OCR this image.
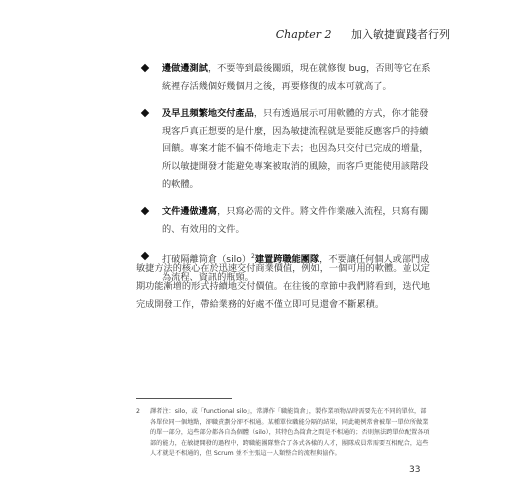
Chapter 2 加入敏捷實踐者行列
邊做邊測試，不要等到最後關頭，現在就修復 bug，否則等它在系統裡存活幾個好幾個月之後，再要修復的成本可就高了。
及早且頻繁地交付產品，只有透過展示可用軟體的方式，你才能發現客戶真正想要的是什麼，因為敏捷流程就是要能反應客戶的持續回饋。專案才能不偏不倚地走下去；也因為只交付已完成的增量，所以敏捷開發才能避免專案被取消的風險，而客戶更能使用該階段的軟體。
文件邊做邊寫，只寫必需的文件。將文件作業融入流程，只寫有關的、有效用的文件。
打破隔離筒倉（silo）$^2$建置跨職能團隊，不要讓任何個人或部門成為流程、資訊的瓶頸。
敏捷方法的核心在於迅速交付商業價值，例如，一個可用的軟體。並以定期功能漸增的形式持續地交付價值。在往後的章節中我們將看到，迭代地完成開發工作，帶給業務的好處不僅立即可見還會不斷累積。
2	譯者注：silo，或「functional silo」，常譯作「職能筒倉」，製作業項物品時需要先在不同的單位，部各單位同一個地點，卻職責劃分卻不相通。某種單位職能分隔的結果，同此範例常會被單一單位所做業的單一部分，這些部分都各自為個體（silo），其特色為筒倉之間是不相通的；否則無法跨單位配置各項部的能力，在敏捷開發的過程中，跨職能團隊整合了各式各樣的人才，團隊成員常需要互相配合，這些人才就是不相通的，但 Scrum 並不主張這一人類整合的流程與協作。
33
